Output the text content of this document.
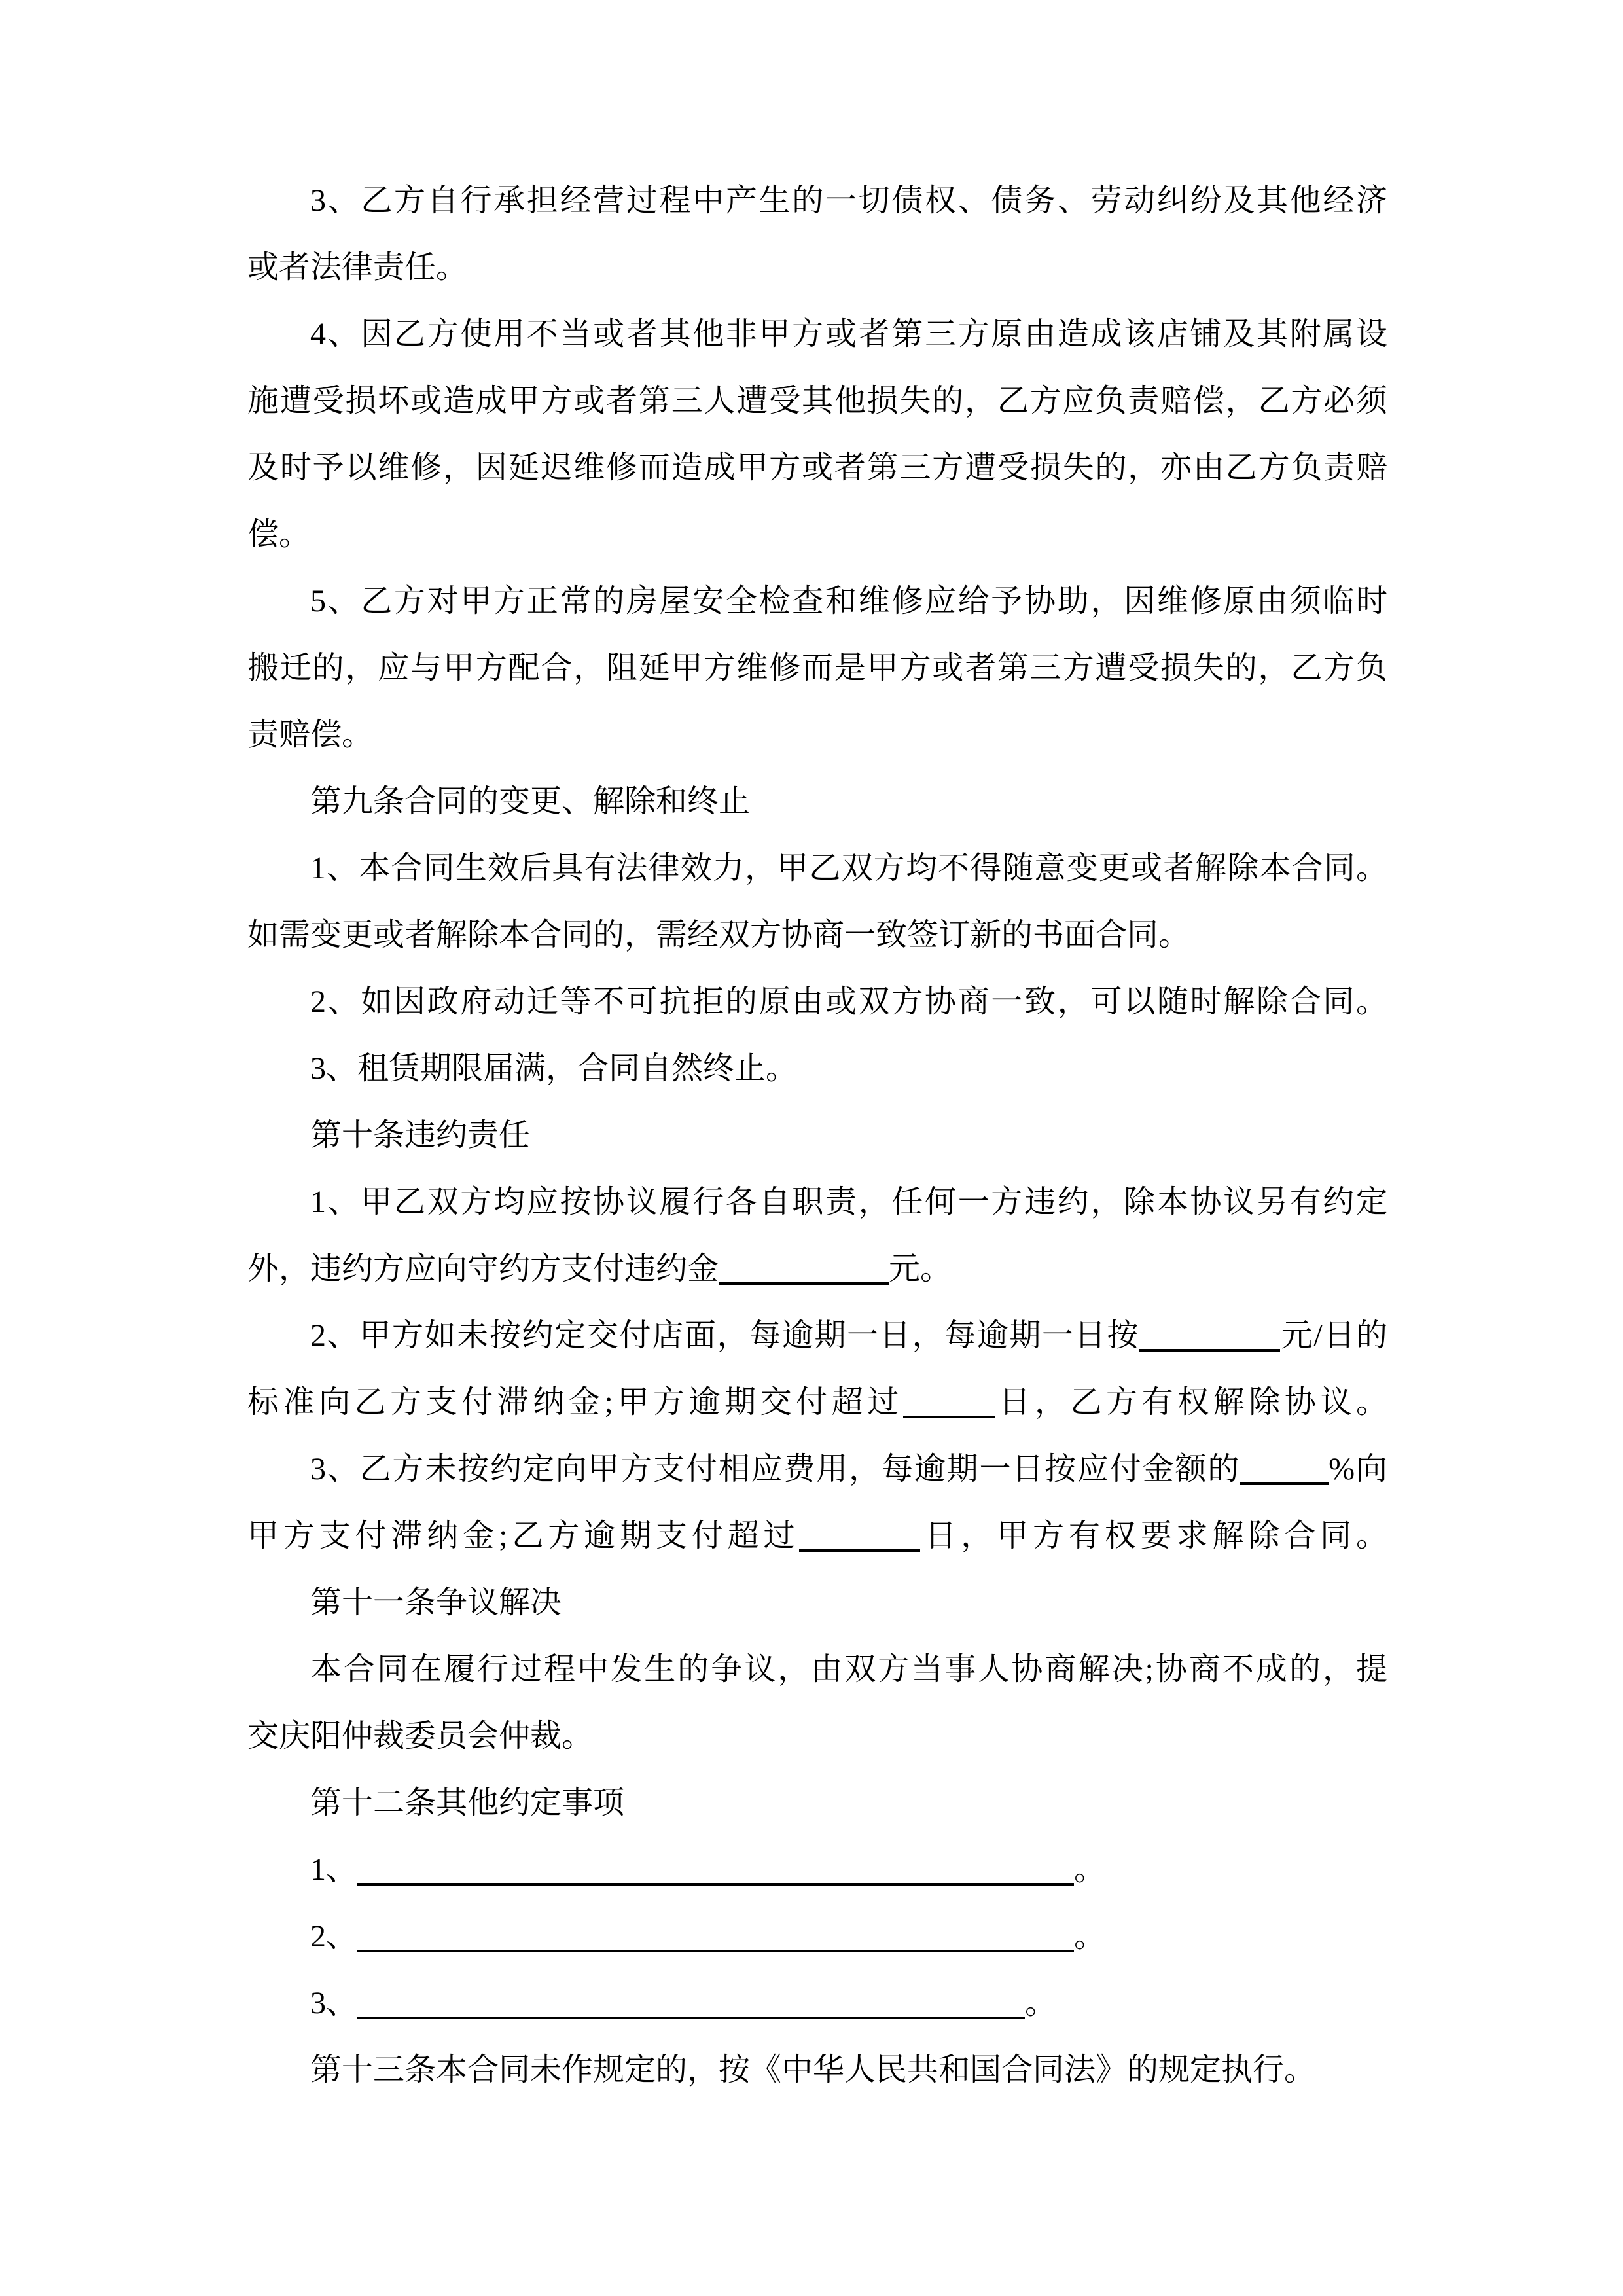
3、乙方自行承担经营过程中产生的一切债权、债务、劳动纠纷及其他经济
或者法律责任。
4、因乙方使用不当或者其他非甲方或者第三方原由造成该店铺及其附属设
施遭受损坏或造成甲方或者第三人遭受其他损失的，乙方应负责赔偿，乙方必须
及时予以维修，因延迟维修而造成甲方或者第三方遭受损失的，亦由乙方负责赔
偿。
5、乙方对甲方正常的房屋安全检查和维修应给予协助，因维修原由须临时
搬迁的，应与甲方配合，阻延甲方维修而是甲方或者第三方遭受损失的，乙方负
责赔偿。
第九条合同的变更、解除和终止
1、本合同生效后具有法律效力，甲乙双方均不得随意变更或者解除本合同。
如需变更或者解除本合同的，需经双方协商一致签订新的书面合同。
2、如因政府动迁等不可抗拒的原由或双方协商一致，可以随时解除合同。
3、租赁期限届满，合同自然终止。
第十条违约责任
1、甲乙双方均应按协议履行各自职责，任何一方违约，除本协议另有约定
外，违约方应向守约方支付违约金	元。
2、甲方如未按约定交付店面，每逾期一日，每逾期一日按	元/日的
标准向乙方支付滞纳金;甲方逾期交付超过	日，乙方有权解除协议。
3、乙方未按约定向甲方支付相应费用，每逾期一日按应付金额的	%向
甲方支付滞纳金;乙方逾期支付超过	日，甲方有权要求解除合同。
第十一条争议解决
本合同在履行过程中发生的争议，由双方当事人协商解决;协商不成的，提
交庆阳仲裁委员会仲裁。
第十二条其他约定事项
1、	。
2、	。
3、	。
第十三条本合同未作规定的，按《中华人民共和国合同法》的规定执行。
